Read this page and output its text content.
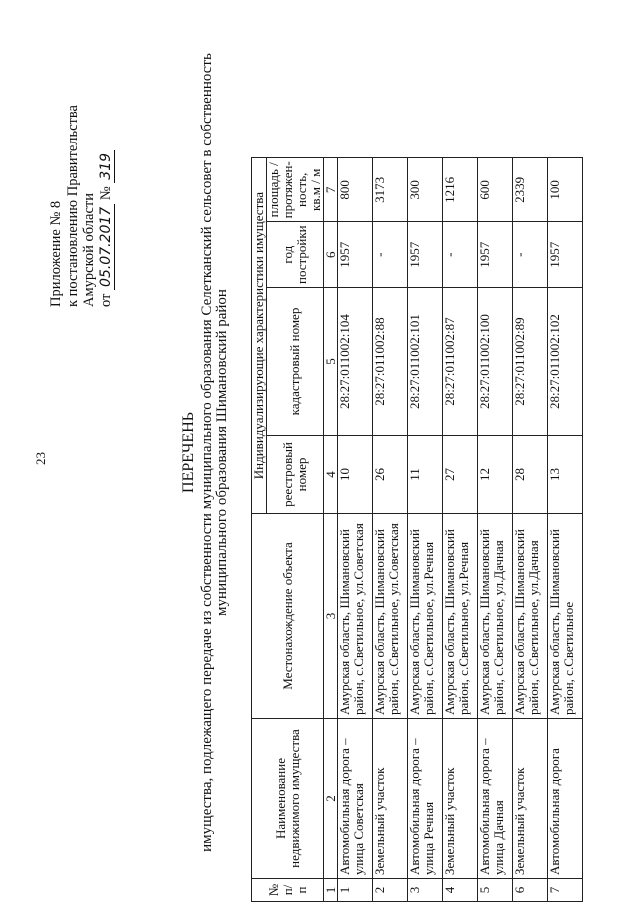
23
Приложение № 8 к постановлению Правительства Амурской области от 05.07.2017 № 319
ПЕРЕЧЕНЬ имущества, подлежащего передаче из собственности муниципального образования Селетканский сельсовет в собственность муниципального образования Шимановский район
№ п/п	Наименование недвижимого имущества	Местонахождение объекта	Индивидуализирующие характеристики имущества			
			реестровый номер	кадастровый номер	год постройки	площадь / протяжен-ность, кв.м / м
1	2	3	4	5	6	7
1	Автомобильная дорога – улица Советская	Амурская область, Шимановский район, с.Светильное, ул.Советская	10	28:27:011002:104	1957	800
2	Земельный участок	Амурская область, Шимановский район, с.Светильное, ул.Советская	26	28:27:011002:88	-	3173
3	Автомобильная дорога – улица Речная	Амурская область, Шимановский район, с.Светильное, ул.Речная	11	28:27:011002:101	1957	300
4	Земельный участок	Амурская область, Шимановский район, с.Светильное, ул.Речная	27	28:27:011002:87	-	1216
5	Автомобильная дорога – улица Дачная	Амурская область, Шимановский район, с.Светильное, ул.Дачная	12	28:27:011002:100	1957	600
6	Земельный участок	Амурская область, Шимановский район, с.Светильное, ул.Дачная	28	28:27:011002:89	-	2339
7	Автомобильная дорога	Амурская область, Шимановский район, с.Светильное	13	28:27:011002:102	1957	100
